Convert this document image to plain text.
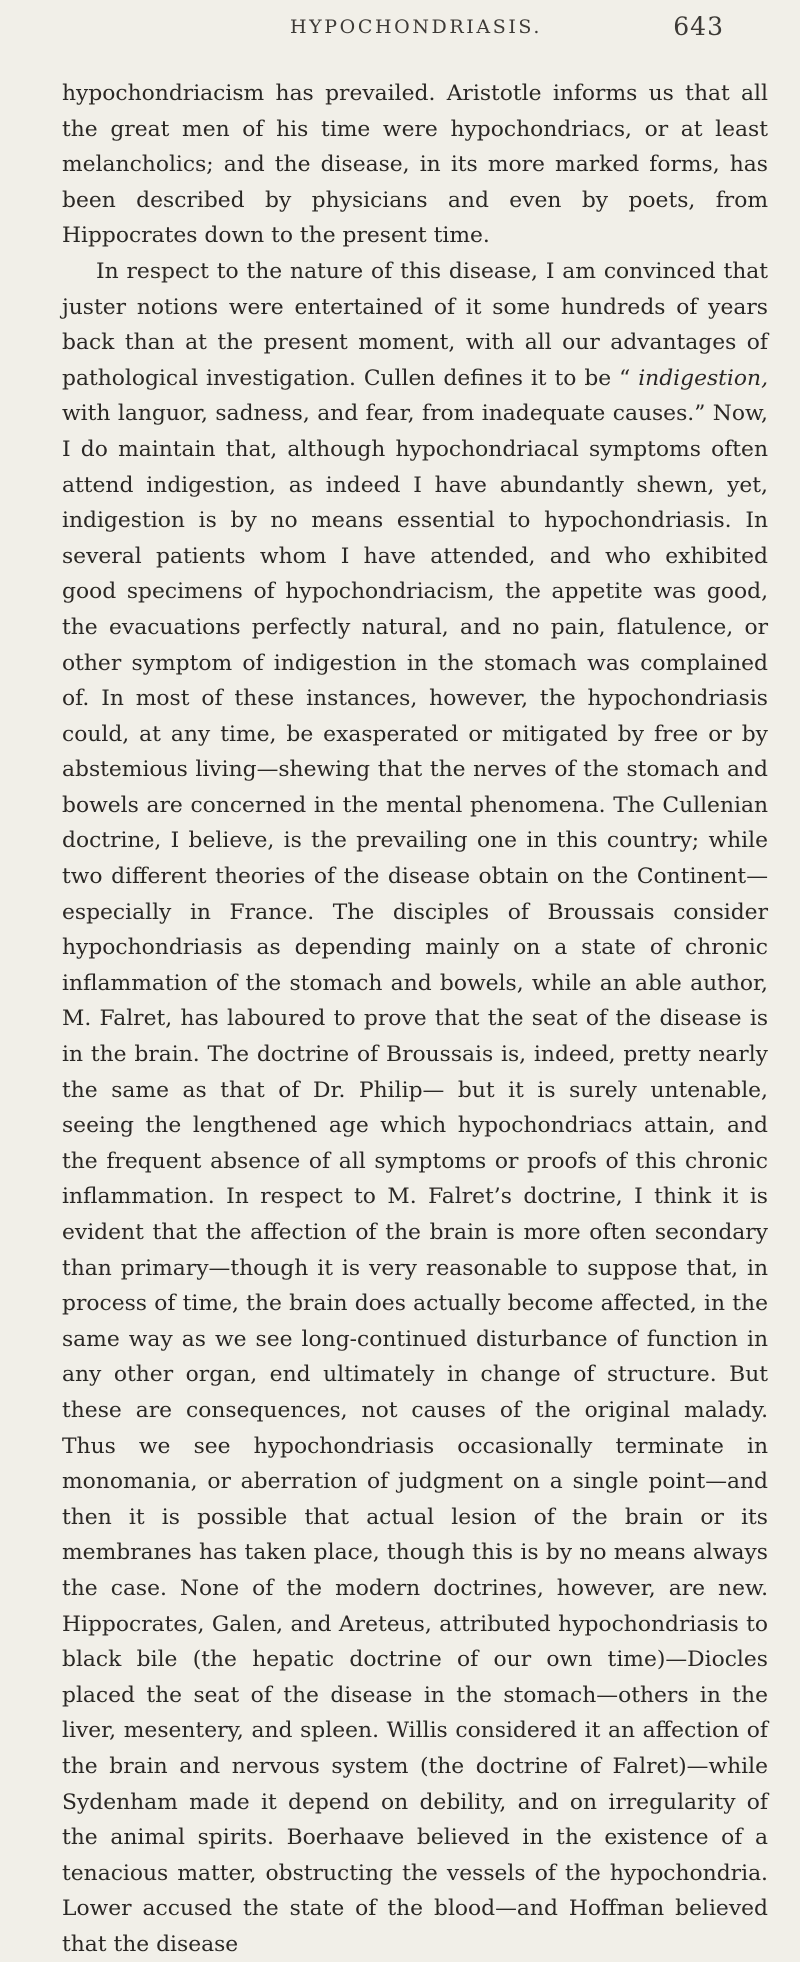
HYPOCHONDRIASIS.	643

hypochondriacism has prevailed. Aristotle informs us that all the great men of his time were hypochondriacs, or at least melancholics; and the disease, in its more marked forms, has been described by physicians and even by poets, from Hippocrates down to the present time.

In respect to the nature of this disease, I am convinced that juster notions were entertained of it some hundreds of years back than at the present moment, with all our advantages of pathological investigation. Cullen defines it to be “ indigestion, with languor, sadness, and fear, from inadequate causes.” Now, I do maintain that, although hypochondriacal symptoms often attend indigestion, as indeed I have abundantly shewn, yet, indigestion is by no means essential to hypochondriasis. In several patients whom I have attended, and who exhibited good specimens of hypochondriacism, the appetite was good, the evacuations perfectly natural, and no pain, flatulence, or other symptom of indigestion in the stomach was complained of. In most of these instances, however, the hypochondriasis could, at any time, be exasperated or mitigated by free or by abstemious living—shewing that the nerves of the stomach and bowels are concerned in the mental phenomena. The Cullenian doctrine, I believe, is the prevailing one in this country; while two different theories of the disease obtain on the Continent—especially in France. The disciples of Broussais consider hypochondriasis as depending mainly on a state of chronic inflammation of the stomach and bowels, while an able author, M. Falret, has laboured to prove that the seat of the disease is in the brain. The doctrine of Broussais is, indeed, pretty nearly the same as that of Dr. Philip— but it is surely untenable, seeing the lengthened age which hypochondriacs attain, and the frequent absence of all symptoms or proofs of this chronic inflammation. In respect to M. Falret’s doctrine, I think it is evident that the affection of the brain is more often secondary than primary—though it is very reasonable to suppose that, in process of time, the brain does actually become affected, in the same way as we see long-continued disturbance of function in any other organ, end ultimately in change of structure. But these are consequences, not causes of the original malady. Thus we see hypochondriasis occasionally terminate in monomania, or aberration of judgment on a single point—and then it is possible that actual lesion of the brain or its membranes has taken place, though this is by no means always the case. None of the modern doctrines, however, are new. Hippocrates, Galen, and Areteus, attributed hypochondriasis to black bile (the hepatic doctrine of our own time)—Diocles placed the seat of the disease in the stomach—others in the liver, mesentery, and spleen. Willis considered it an affection of the brain and nervous system (the doctrine of Falret)—while Sydenham made it depend on debility, and on irregularity of the animal spirits. Boerhaave believed in the existence of a tenacious matter, obstructing the vessels of the hypochondria. Lower accused the state of the blood—and Hoffman believed that the disease
